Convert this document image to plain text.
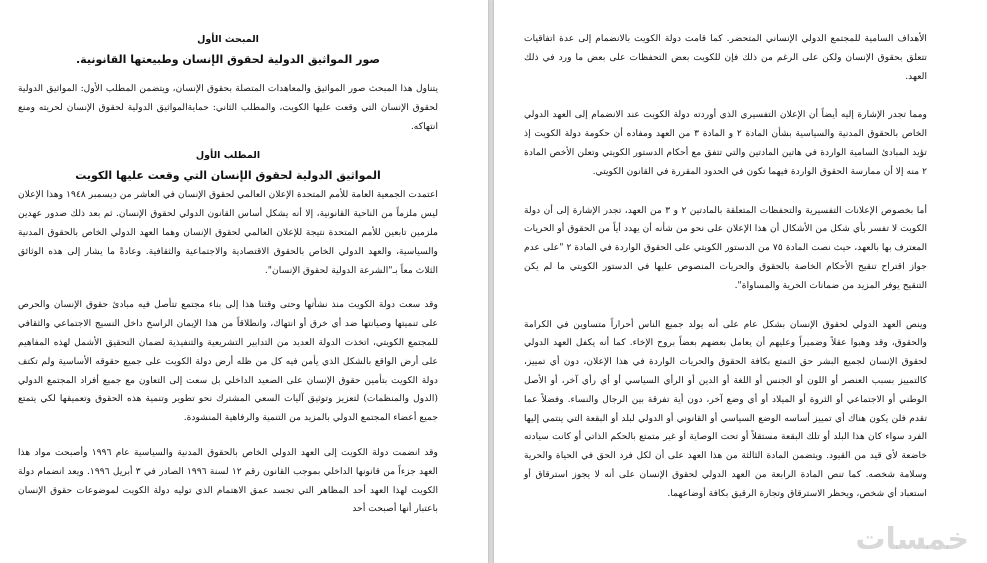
الأهداف السامية للمجتمع الدولي الإنساني المتحضر. كما قامت دولة الكويت بالانضمام إلى عدة اتفاقيات تتعلق بحقوق الإنسان ولكن على الرغم من ذلك فإن للكويت بعض التحفظات على بعض ما ورد في ذلك العهد.

ومما تجدر الإشارة إليه أيضاً أن الإعلان التفسيري الذي أوردته دولة الكويت عند الانضمام إلى العهد الدولي الخاص بالحقوق المدنية والسياسية بشأن المادة ٢ و المادة ٣ من العهد ومفاده أن حكومة دولة الكويت إذ تؤيد المبادئ السامية الواردة في هاتين المادتين والتي تتفق مع أحكام الدستور الكويتي وتعلن الأخص المادة ٢ منه إلا أن ممارسة الحقوق الواردة فيهما تكون في الحدود المقررة في القانون الكويتي.

أما بخصوص الإعلانات التفسيرية والتحفظات المتعلقة بالمادتين ٢ و ٣ من العهد، تجدر الإشارة إلى أن دولة الكويت لا تفسر بأي شكل من الأشكال أن هذا الإعلان على نحو من شأنه أن يهدد أياً من الحقوق أو الحريات المعترف بها بالعهد، حيث نصت المادة ٧٥ من الدستور الكويتي على الحقوق الواردة في المادة ٢ "على عدم جواز اقتراح تنقيح الأحكام الخاصة بالحقوق والحريات المنصوص عليها في الدستور الكويتي ما لم يكن التنقيح يوفر المزيد من ضمانات الحرية والمساواة".

وينص العهد الدولي لحقوق الإنسان بشكل عام على أنه يولد جميع الناس أحراراً متساوين في الكرامة والحقوق، وقد وهبوا عقلاً وضميراً وعليهم أن يعامل بعضهم بعضاً بروح الإخاء. كما أنه يكفل العهد الدولي لحقوق الإنسان لجميع البشر حق التمتع بكافة الحقوق والحريات الواردة في هذا الإعلان، دون أي تمييز، كالتمييز بسبب العنصر أو اللون أو الجنس أو اللغة أو الدين أو الرأي السياسي أو أي رأي آخر، أو الأصل الوطني أو الاجتماعي أو الثروة أو الميلاد أو أي وضع آخر، دون أية تفرقة بين الرجال والنساء. وفضلاً عما تقدم فلن يكون هناك أي تمييز أساسه الوضع السياسي أو القانوني أو الدولي لبلد أو البقعة التي ينتمي إليها الفرد سواء كان هذا البلد أو تلك البقعة مستقلاً أو تحت الوصاية أو غير متمتع بالحكم الذاتي أو كانت سيادته خاضعة لأي قيد من القيود. ويتضمن المادة الثالثة من هذا العهد على أن لكل فرد الحق في الحياة والحرية وسلامة شخصه. كما تنص المادة الرابعة من العهد الدولي لحقوق الإنسان على أنه لا يجوز استرقاق أو استعباد أي شخص، ويحظر الاسترقاق وتجارة الرقيق بكافة أوضاعهما.

المبحث الأول
صور المواثيق الدولية لحقوق الإنسان وطبيعتها القانونية.

يتناول هذا المبحث صور المواثيق والمعاهدات المتصلة بحقوق الإنسان، ويتضمن المطلب الأول: المواثيق الدولية لحقوق الإنسان التي وقعت عليها الكويت، والمطلب الثاني: حمايةالمواثيق الدولية لحقوق الإنسان لحريته ومنع انتهاكه.

المطلب الأول
المواثيق الدولية لحقوق الإنسان التي وقعت عليها الكويت

اعتمدت الجمعية العامة للأمم المتحدة الإعلان العالمي لحقوق الإنسان في العاشر من ديسمبر ١٩٤٨ وهذا الإعلان ليس ملزماً من الناحية القانونية، إلا أنه يشكل أساس القانون الدولي لحقوق الإنسان. ثم بعد ذلك صدور عهدين ملزمين تابعين للأمم المتحدة نتيجة للإعلان العالمي لحقوق الإنسان وهما العهد الدولي الخاص بالحقوق المدنية والسياسية، والعهد الدولي الخاص بالحقوق الاقتصادية والاجتماعية والثقافية. وعادةً ما يشار إلى هذه الوثائق الثلاث معاً بـ"الشرعة الدولية لحقوق الإنسان".

وقد سعت دولة الكويت منذ نشأتها وحتى وقتنا هذا إلى بناء مجتمع تتأصل فيه مبادئ حقوق الإنسان والحرص على تنميتها وصيانتها ضد أي خرق أو انتهاك، وانطلاقاً من هذا الإيمان الراسخ داخل النسيج الاجتماعي والثقافي للمجتمع الكويتي، اتخذت الدولة العديد من التدابير التشريعية والتنفيذية لضمان التحقيق الأشمل لهذه المفاهيم على أرض الواقع بالشكل الذي يأمن فيه كل من ظله أرض دولة الكويت على جميع حقوقه الأساسية ولم تكتف دولة الكويت بتأمين حقوق الإنسان على الصعيد الداخلي بل سعت إلى التعاون مع جميع أفراد المجتمع الدولي (الدول والمنظمات) لتعزيز وتوثيق آليات السعي المشترك نحو تطوير وتنمية هذه الحقوق وتعميقها لكي يتمتع جميع أعضاء المجتمع الدولي بالمزيد من التنمية والرفاهية المنشودة.

وقد انضمت دولة الكويت إلى العهد الدولي الخاص بالحقوق المدنية والسياسية عام ١٩٩٦ وأصبحت مواد هذا العهد جزءاً من قانونها الداخلي بموجب القانون رقم ١٢ لسنة ١٩٩٦ الصادر في ٣ أبريل ١٩٩٦. ويعد انضمام دولة الكويت لهذا العهد أحد المظاهر التي تجسد عمق الاهتمام الذي توليه دولة الكويت لموضوعات حقوق الإنسان باعتبار أنها أصبحت أحد

خمسات
